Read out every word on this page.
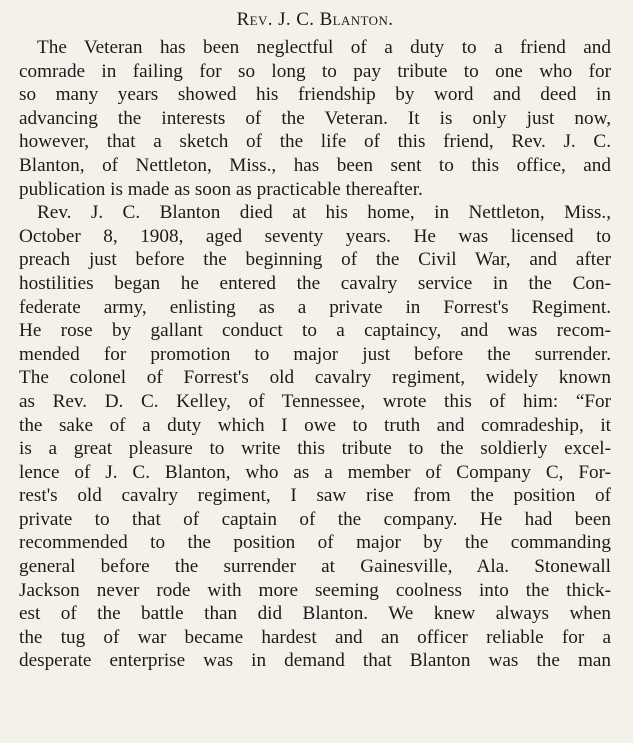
Rev. J. C. Blanton.
The Veteran has been neglectful of a duty to a friend and
comrade in failing for so long to pay tribute to one who for
so many years showed his friendship by word and deed in
advancing the interests of the Veteran. It is only just now,
however, that a sketch of the life of this friend, Rev. J. C.
Blanton, of Nettleton, Miss., has been sent to this office, and
publication is made as soon as practicable thereafter.
Rev. J. C. Blanton died at his home, in Nettleton, Miss.,
October 8, 1908, aged seventy years. He was licensed to
preach just before the beginning of the Civil War, and after
hostilities began he entered the cavalry service in the Con-
federate army, enlisting as a private in Forrest's Regiment.
He rose by gallant conduct to a captaincy, and was recom-
mended for promotion to major just before the surrender.
The colonel of Forrest's old cavalry regiment, widely known
as Rev. D. C. Kelley, of Tennessee, wrote this of him: “For
the sake of a duty which I owe to truth and comradeship, it
is a great pleasure to write this tribute to the soldierly excel-
lence of J. C. Blanton, who as a member of Company C, For-
rest's old cavalry regiment, I saw rise from the position of
private to that of captain of the company. He had been
recommended to the position of major by the commanding
general before the surrender at Gainesville, Ala. Stonewall
Jackson never rode with more seeming coolness into the thick-
est of the battle than did Blanton. We knew always when
the tug of war became hardest and an officer reliable for a
desperate enterprise was in demand that Blanton was the man
